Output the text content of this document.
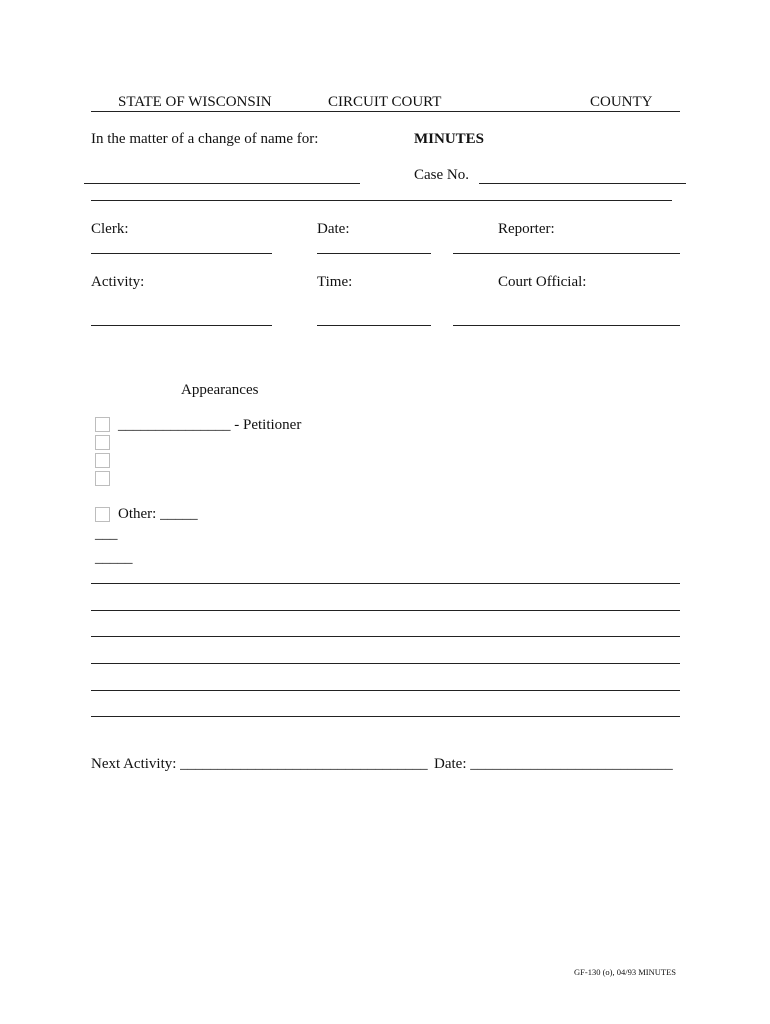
STATE OF WISCONSIN	CIRCUIT COURT	COUNTY
In the matter of a change of name for:	MINUTES
Case No.
Clerk:	Date:	Reporter:
Activity:	Time:	Court Official:
Appearances
_______________ - Petitioner
Other: _____
___
_____
Next Activity: _________________________________ Date: ___________________________
GF-130 (o), 04/93 MINUTES
